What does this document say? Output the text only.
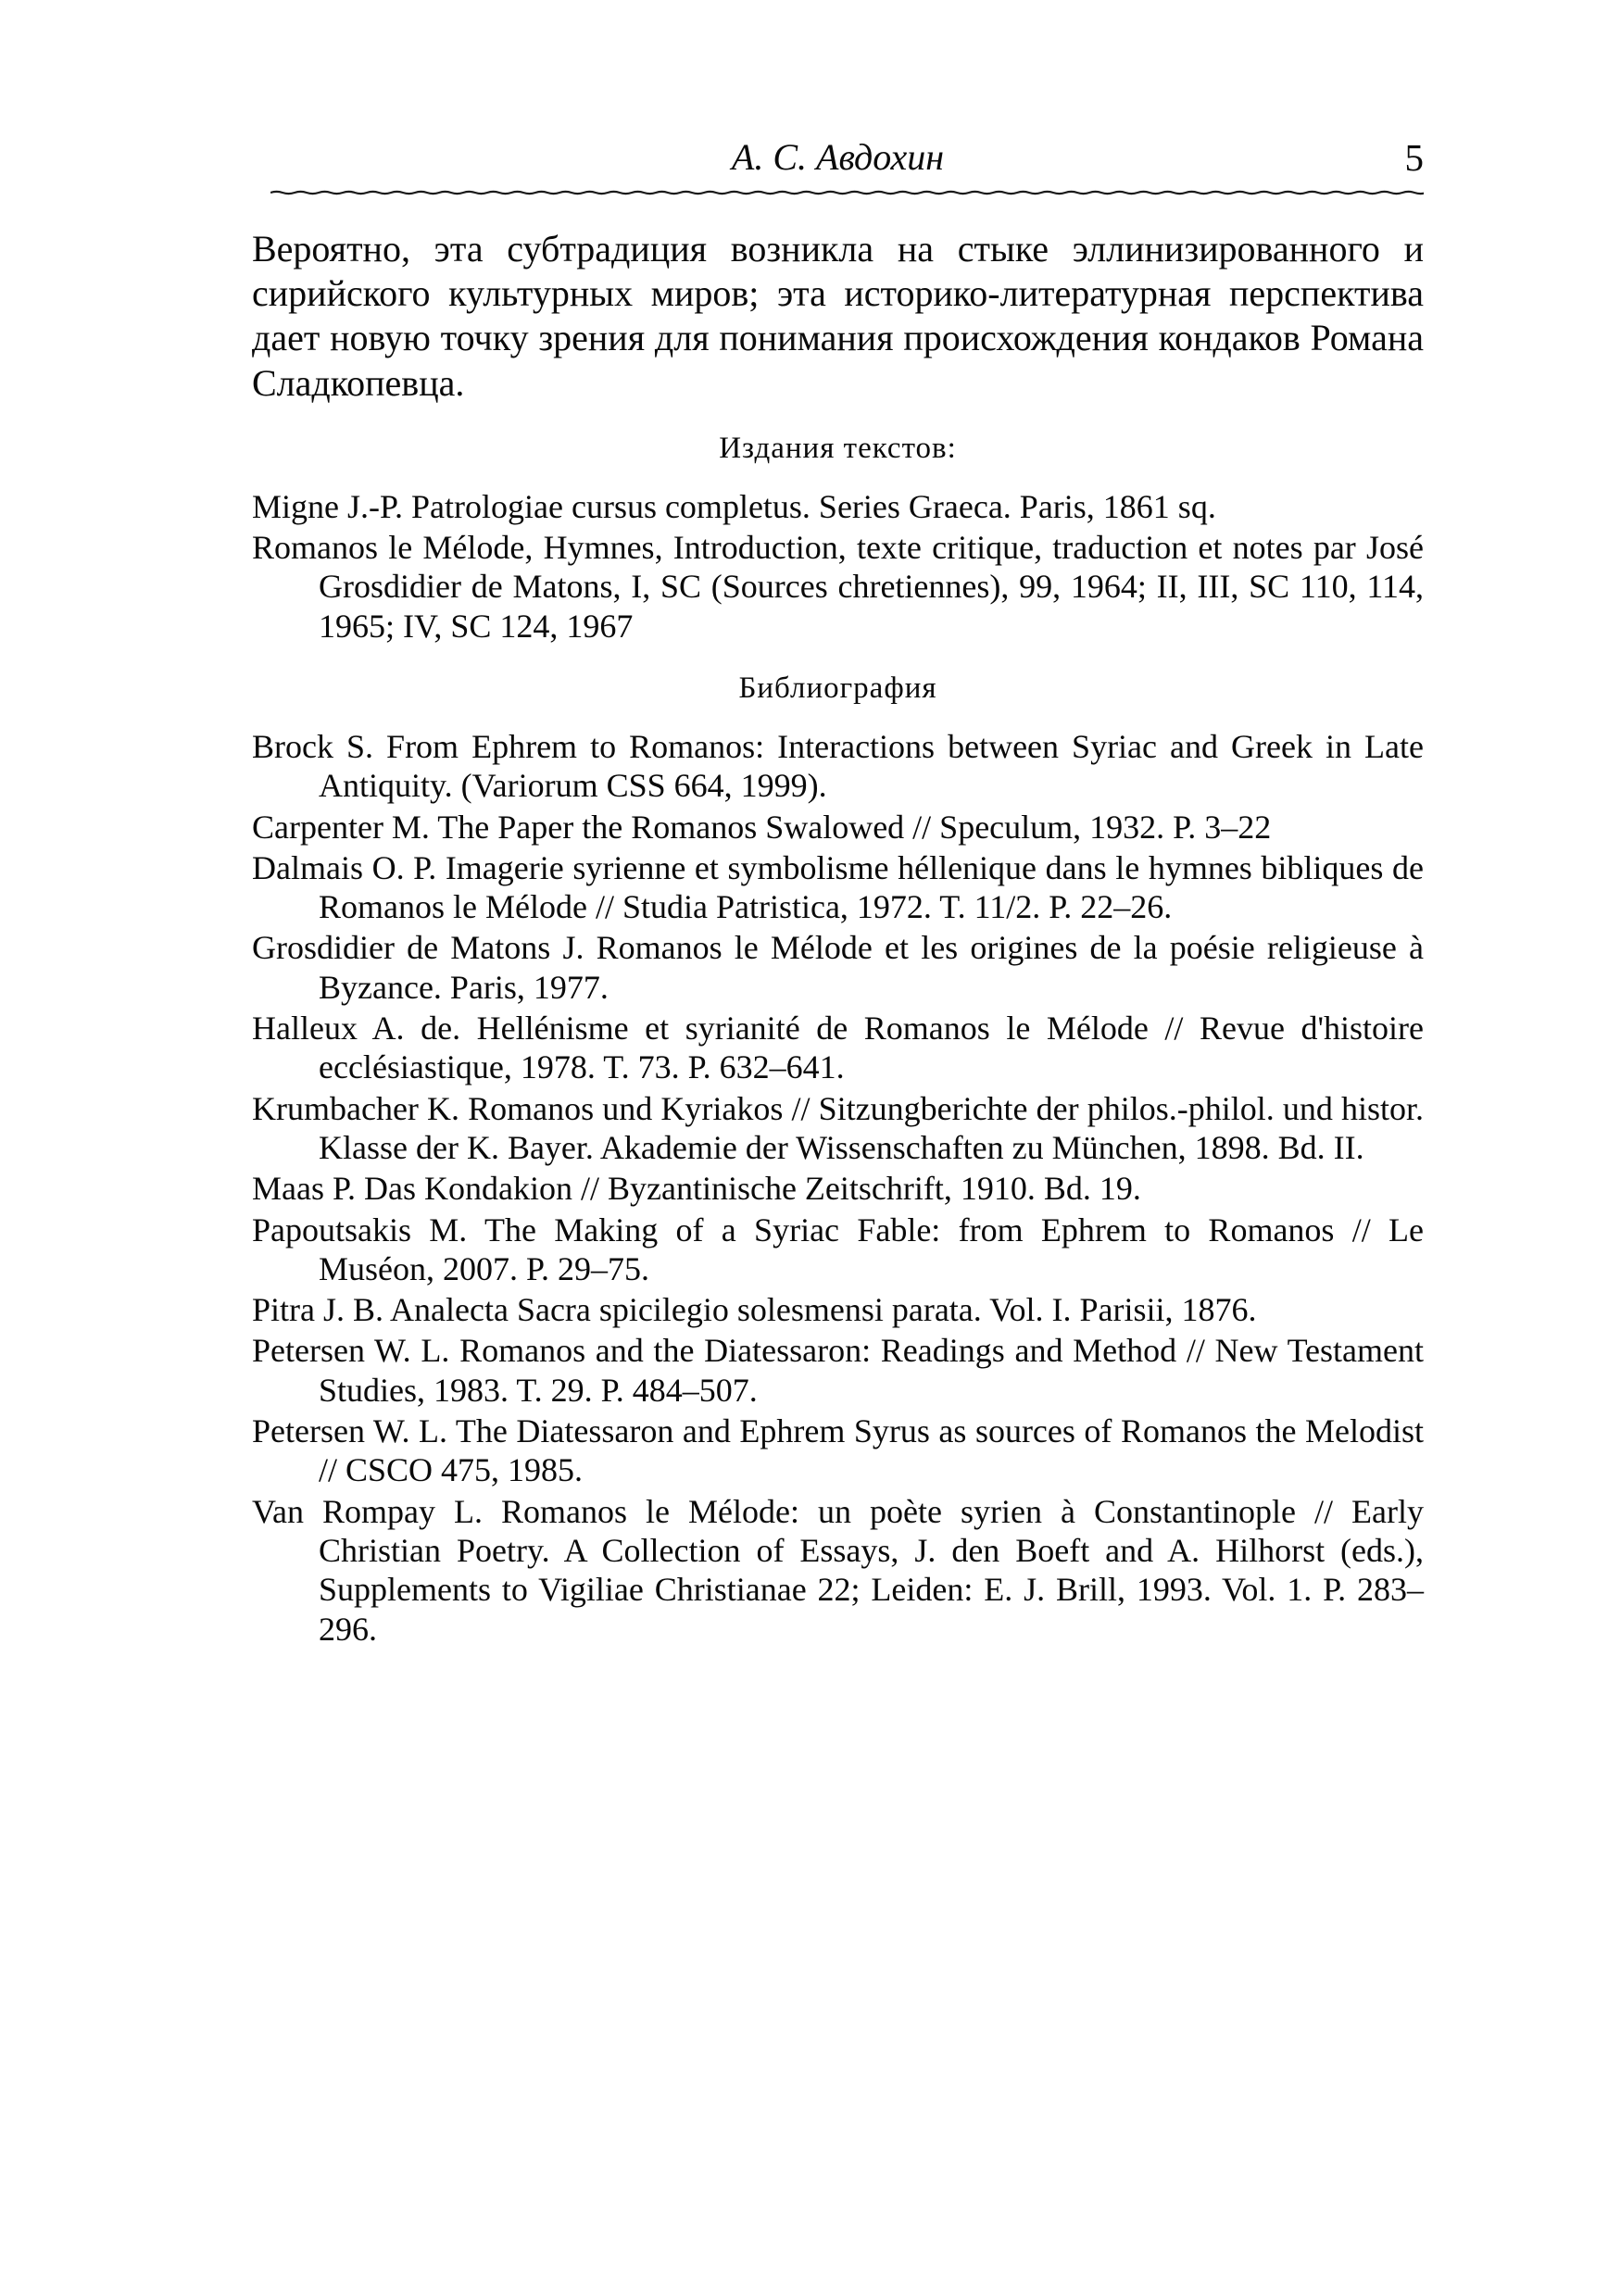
А. С. Авдохин	5

Вероятно, эта субтрадиция возникла на стыке эллинизированного и сирийского культурных миров; эта историко-литературная перспектива дает новую точку зрения для понимания происхождения кондаков Романа Сладкопевца.

Издания текстов:
Migne J.-P. Patrologiae cursus completus. Series Graeca. Paris, 1861 sq.
Romanos le Mélode, Hymnes, Introduction, texte critique, traduction et notes par José Grosdidier de Matons, I, SC (Sources chretiennes), 99, 1964; II, III, SC 110, 114, 1965; IV, SC 124, 1967
Библиография
Brock S. From Ephrem to Romanos: Interactions between Syriac and Greek in Late Antiquity. (Variorum CSS 664, 1999).
Carpenter M. The Paper the Romanos Swalowed // Speculum, 1932. P. 3–22
Dalmais O. P. Imagerie syrienne et symbolisme héllenique dans le hymnes bibliques de Romanos le Mélode // Studia Patristica, 1972. T. 11/2. P. 22–26.
Grosdidier de Matons J. Romanos le Mélode et les origines de la poésie religieuse à Byzance. Paris, 1977.
Halleux A. de. Hellénisme et syrianité de Romanos le Mélode // Revue d'histoire ecclésiastique, 1978. T. 73. P. 632–641.
Krumbacher K. Romanos und Kyriakos // Sitzungberichte der philos.-philol. und histor. Klasse der K. Bayer. Akademie der Wissenschaften zu München, 1898. Bd. II.
Maas P. Das Kondakion // Byzantinische Zeitschrift, 1910. Bd. 19.
Papoutsakis M. The Making of a Syriac Fable: from Ephrem to Romanos // Le Muséon, 2007. P. 29–75.
Pitra J. B. Analecta Sacra spicilegio solesmensi parata. Vol. I. Parisii, 1876.
Petersen W. L. Romanos and the Diatessaron: Readings and Method // New Testament Studies, 1983. T. 29. P. 484–507.
Petersen W. L. The Diatessaron and Ephrem Syrus as sources of Romanos the Melodist // CSCO 475, 1985.
Van Rompay L. Romanos le Mélode: un poète syrien à Constantinople // Early Christian Poetry. A Collection of Essays, J. den Boeft and A. Hilhorst (eds.), Supplements to Vigiliae Christianae 22; Leiden: E. J. Brill, 1993. Vol. 1. P. 283–296.
